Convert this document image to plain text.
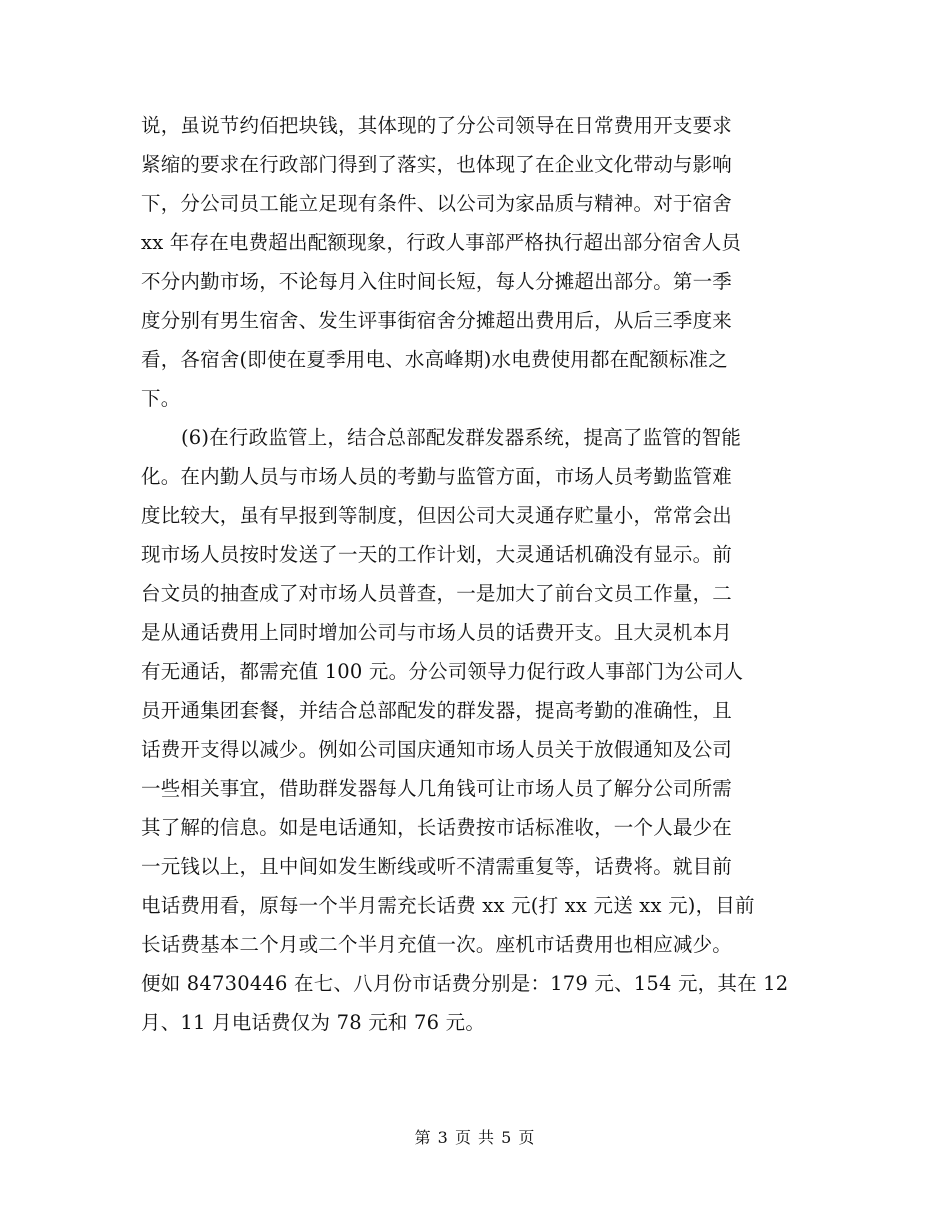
说，虽说节约佰把块钱，其体现的了分公司领导在日常费用开支要求
紧缩的要求在行政部门得到了落实，也体现了在企业文化带动与影响
下，分公司员工能立足现有条件、以公司为家品质与精神。对于宿舍
xx 年存在电费超出配额现象，行政人事部严格执行超出部分宿舍人员
不分内勤市场，不论每月入住时间长短，每人分摊超出部分。第一季
度分别有男生宿舍、发生评事街宿舍分摊超出费用后，从后三季度来
看，各宿舍(即使在夏季用电、水高峰期)水电费使用都在配额标准之
下。
(6)在行政监管上，结合总部配发群发器系统，提高了监管的智能
化。在内勤人员与市场人员的考勤与监管方面，市场人员考勤监管难
度比较大，虽有早报到等制度，但因公司大灵通存贮量小，常常会出
现市场人员按时发送了一天的工作计划，大灵通话机确没有显示。前
台文员的抽查成了对市场人员普查，一是加大了前台文员工作量，二
是从通话费用上同时增加公司与市场人员的话费开支。且大灵机本月
有无通话，都需充值 100 元。分公司领导力促行政人事部门为公司人
员开通集团套餐，并结合总部配发的群发器，提高考勤的准确性，且
话费开支得以减少。例如公司国庆通知市场人员关于放假通知及公司
一些相关事宜，借助群发器每人几角钱可让市场人员了解分公司所需
其了解的信息。如是电话通知，长话费按市话标准收，一个人最少在
一元钱以上，且中间如发生断线或听不清需重复等，话费将。就目前
电话费用看，原每一个半月需充长话费 xx 元(打 xx 元送 xx 元)，目前
长话费基本二个月或二个半月充值一次。座机市话费用也相应减少。
便如 84730446 在七、八月份市话费分别是：179 元、154 元，其在 12
月、11 月电话费仅为 78 元和 76 元。
第 3 页 共 5 页
